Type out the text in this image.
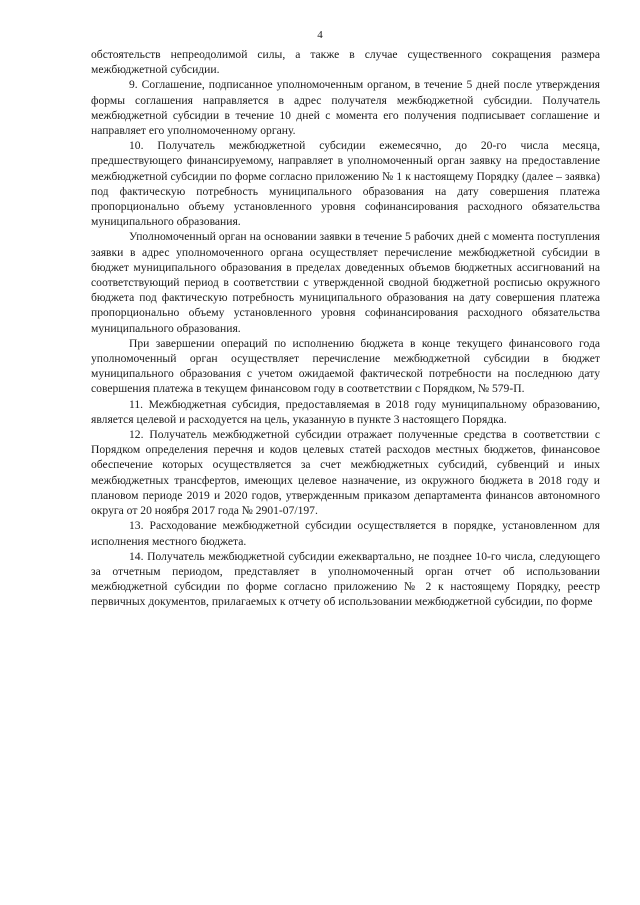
4

обстоятельств непреодолимой силы, а также в случае существенного сокращения размера межбюджетной субсидии.

9. Соглашение, подписанное уполномоченным органом, в течение 5 дней после утверждения формы соглашения направляется в адрес получателя межбюджетной субсидии. Получатель межбюджетной субсидии в течение 10 дней с момента его получения подписывает соглашение и направляет его уполномоченному органу.

10. Получатель межбюджетной субсидии ежемесячно, до 20-го числа месяца, предшествующего финансируемому, направляет в уполномоченный орган заявку на предоставление межбюджетной субсидии по форме согласно приложению № 1 к настоящему Порядку (далее – заявка) под фактическую потребность муниципального образования на дату совершения платежа пропорционально объему установленного уровня софинансирования расходного обязательства муниципального образования.

Уполномоченный орган на основании заявки в течение 5 рабочих дней с момента поступления заявки в адрес уполномоченного органа осуществляет перечисление межбюджетной субсидии в бюджет муниципального образования в пределах доведенных объемов бюджетных ассигнований на соответствующий период в соответствии с утвержденной сводной бюджетной росписью окружного бюджета под фактическую потребность муниципального образования на дату совершения платежа пропорционально объему установленного уровня софинансирования расходного обязательства муниципального образования.

При завершении операций по исполнению бюджета в конце текущего финансового года уполномоченный орган осуществляет перечисление межбюджетной субсидии в бюджет муниципального образования с учетом ожидаемой фактической потребности на последнюю дату совершения платежа в текущем финансовом году в соответствии с Порядком, № 579-П.

11. Межбюджетная субсидия, предоставляемая в 2018 году муниципальному образованию, является целевой и расходуется на цель, указанную в пункте 3 настоящего Порядка.

12. Получатель межбюджетной субсидии отражает полученные средства в соответствии с Порядком определения перечня и кодов целевых статей расходов местных бюджетов, финансовое обеспечение которых осуществляется за счет межбюджетных субсидий, субвенций и иных межбюджетных трансфертов, имеющих целевое назначение, из окружного бюджета в 2018 году и плановом периоде 2019 и 2020 годов, утвержденным приказом департамента финансов автономного округа от 20 ноября 2017 года № 2901-07/197.

13. Расходование межбюджетной субсидии осуществляется в порядке, установленном для исполнения местного бюджета.

14. Получатель межбюджетной субсидии ежеквартально, не позднее 10-го числа, следующего за отчетным периодом, представляет в уполномоченный орган отчет об использовании межбюджетной субсидии по форме согласно приложению № 2 к настоящему Порядку, реестр первичных документов, прилагаемых к отчету об использовании межбюджетной субсидии, по форме
